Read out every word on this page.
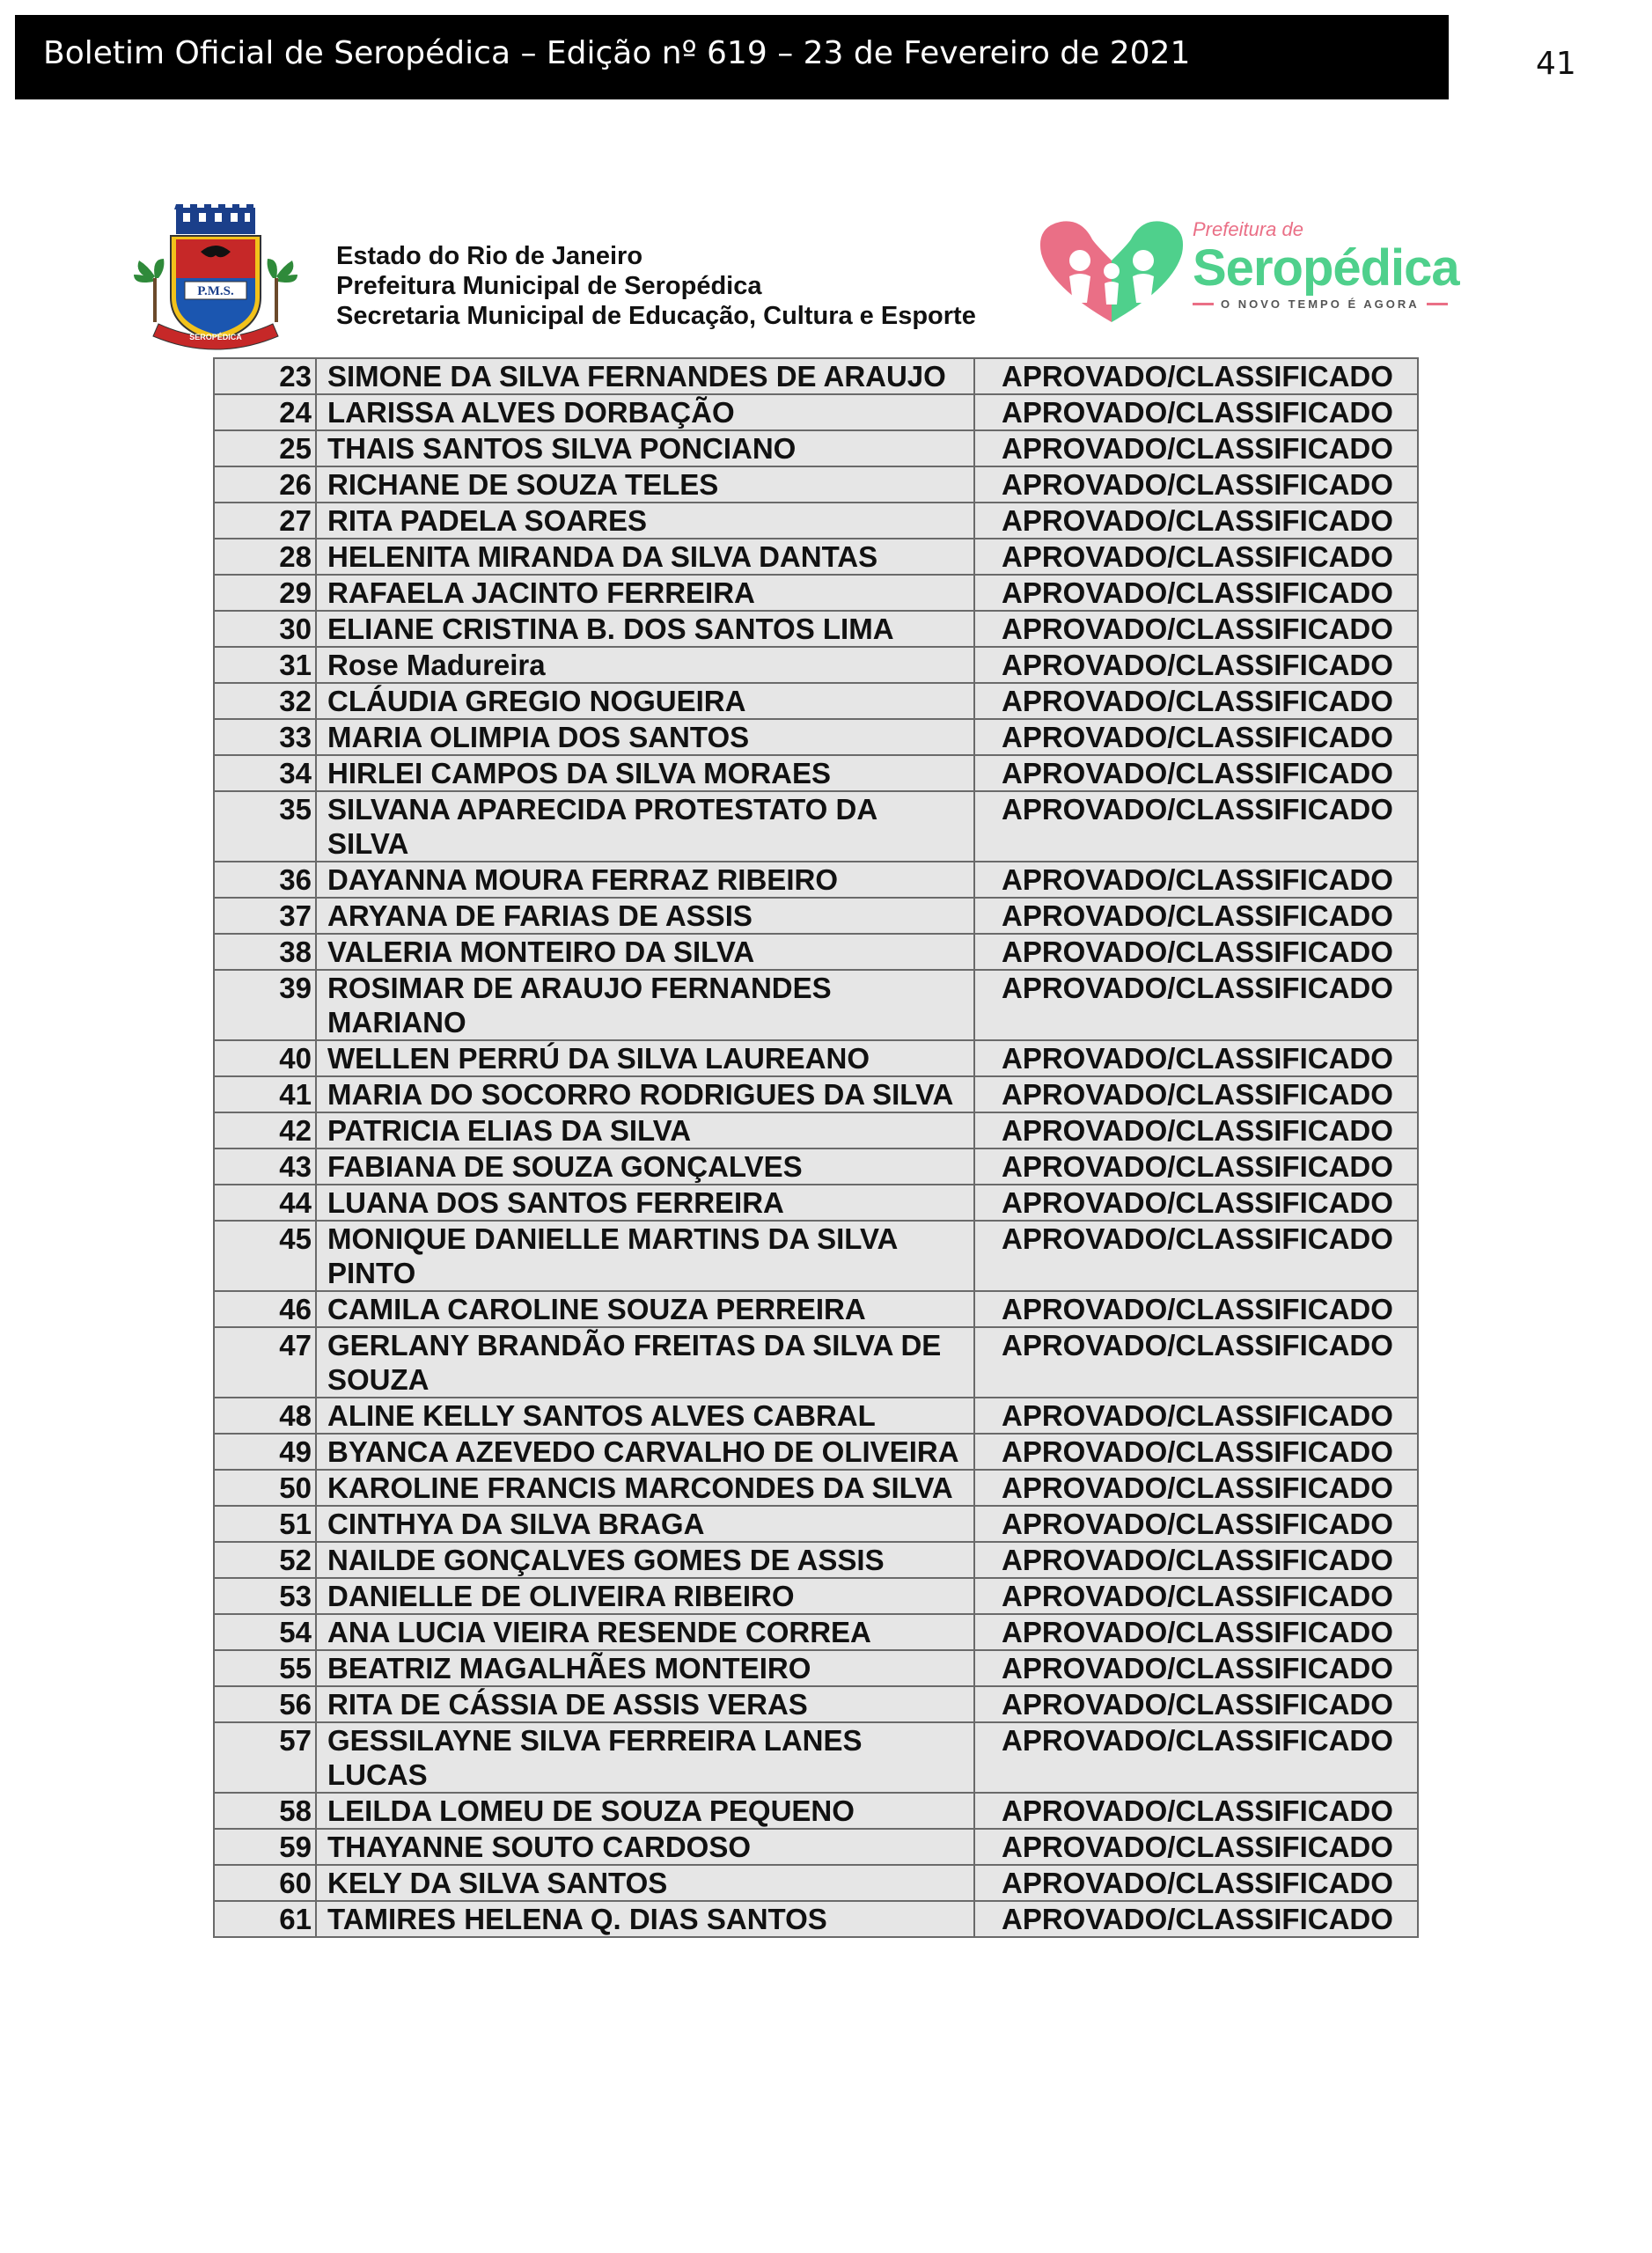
Boletim Oficial de Seropédica – Edição nº 619 – 23 de Fevereiro de 2021	41
P.M.S.
SEROPÉDICA
Estado do Rio de Janeiro
Prefeitura Municipal de Seropédica
Secretaria Municipal de Educação, Cultura e Esporte
Prefeitura de
Seropédica
O NOVO TEMPO É AGORA
23	SIMONE DA SILVA FERNANDES DE ARAUJO	APROVADO/CLASSIFICADO
24	LARISSA ALVES DORBAÇÃO	APROVADO/CLASSIFICADO
25	THAIS SANTOS SILVA PONCIANO	APROVADO/CLASSIFICADO
26	RICHANE DE SOUZA TELES	APROVADO/CLASSIFICADO
27	RITA PADELA SOARES	APROVADO/CLASSIFICADO
28	HELENITA MIRANDA DA SILVA DANTAS	APROVADO/CLASSIFICADO
29	RAFAELA JACINTO FERREIRA	APROVADO/CLASSIFICADO
30	ELIANE CRISTINA B. DOS SANTOS LIMA	APROVADO/CLASSIFICADO
31	Rose Madureira	APROVADO/CLASSIFICADO
32	CLÁUDIA GREGIO NOGUEIRA	APROVADO/CLASSIFICADO
33	MARIA OLIMPIA DOS SANTOS	APROVADO/CLASSIFICADO
34	HIRLEI CAMPOS DA SILVA MORAES	APROVADO/CLASSIFICADO
35	SILVANA APARECIDA PROTESTATO DA SILVA	APROVADO/CLASSIFICADO
36	DAYANNA MOURA FERRAZ RIBEIRO	APROVADO/CLASSIFICADO
37	ARYANA DE FARIAS DE ASSIS	APROVADO/CLASSIFICADO
38	VALERIA MONTEIRO DA SILVA	APROVADO/CLASSIFICADO
39	ROSIMAR DE ARAUJO FERNANDES MARIANO	APROVADO/CLASSIFICADO
40	WELLEN PERRÚ DA SILVA LAUREANO	APROVADO/CLASSIFICADO
41	MARIA DO SOCORRO RODRIGUES DA SILVA	APROVADO/CLASSIFICADO
42	PATRICIA ELIAS DA SILVA	APROVADO/CLASSIFICADO
43	FABIANA DE SOUZA GONÇALVES	APROVADO/CLASSIFICADO
44	LUANA DOS SANTOS FERREIRA	APROVADO/CLASSIFICADO
45	MONIQUE DANIELLE MARTINS DA SILVA PINTO	APROVADO/CLASSIFICADO
46	CAMILA CAROLINE SOUZA PERREIRA	APROVADO/CLASSIFICADO
47	GERLANY BRANDÃO FREITAS DA SILVA DE SOUZA	APROVADO/CLASSIFICADO
48	ALINE KELLY SANTOS ALVES CABRAL	APROVADO/CLASSIFICADO
49	BYANCA AZEVEDO CARVALHO DE OLIVEIRA	APROVADO/CLASSIFICADO
50	KAROLINE FRANCIS MARCONDES DA SILVA	APROVADO/CLASSIFICADO
51	CINTHYA DA SILVA BRAGA	APROVADO/CLASSIFICADO
52	NAILDE GONÇALVES GOMES DE ASSIS	APROVADO/CLASSIFICADO
53	DANIELLE DE OLIVEIRA RIBEIRO	APROVADO/CLASSIFICADO
54	ANA LUCIA VIEIRA RESENDE CORREA	APROVADO/CLASSIFICADO
55	BEATRIZ MAGALHÃES MONTEIRO	APROVADO/CLASSIFICADO
56	RITA DE CÁSSIA DE ASSIS VERAS	APROVADO/CLASSIFICADO
57	GESSILAYNE SILVA FERREIRA LANES LUCAS	APROVADO/CLASSIFICADO
58	LEILDA LOMEU DE SOUZA PEQUENO	APROVADO/CLASSIFICADO
59	THAYANNE SOUTO CARDOSO	APROVADO/CLASSIFICADO
60	KELY DA SILVA SANTOS	APROVADO/CLASSIFICADO
61	TAMIRES HELENA Q. DIAS SANTOS	APROVADO/CLASSIFICADO
